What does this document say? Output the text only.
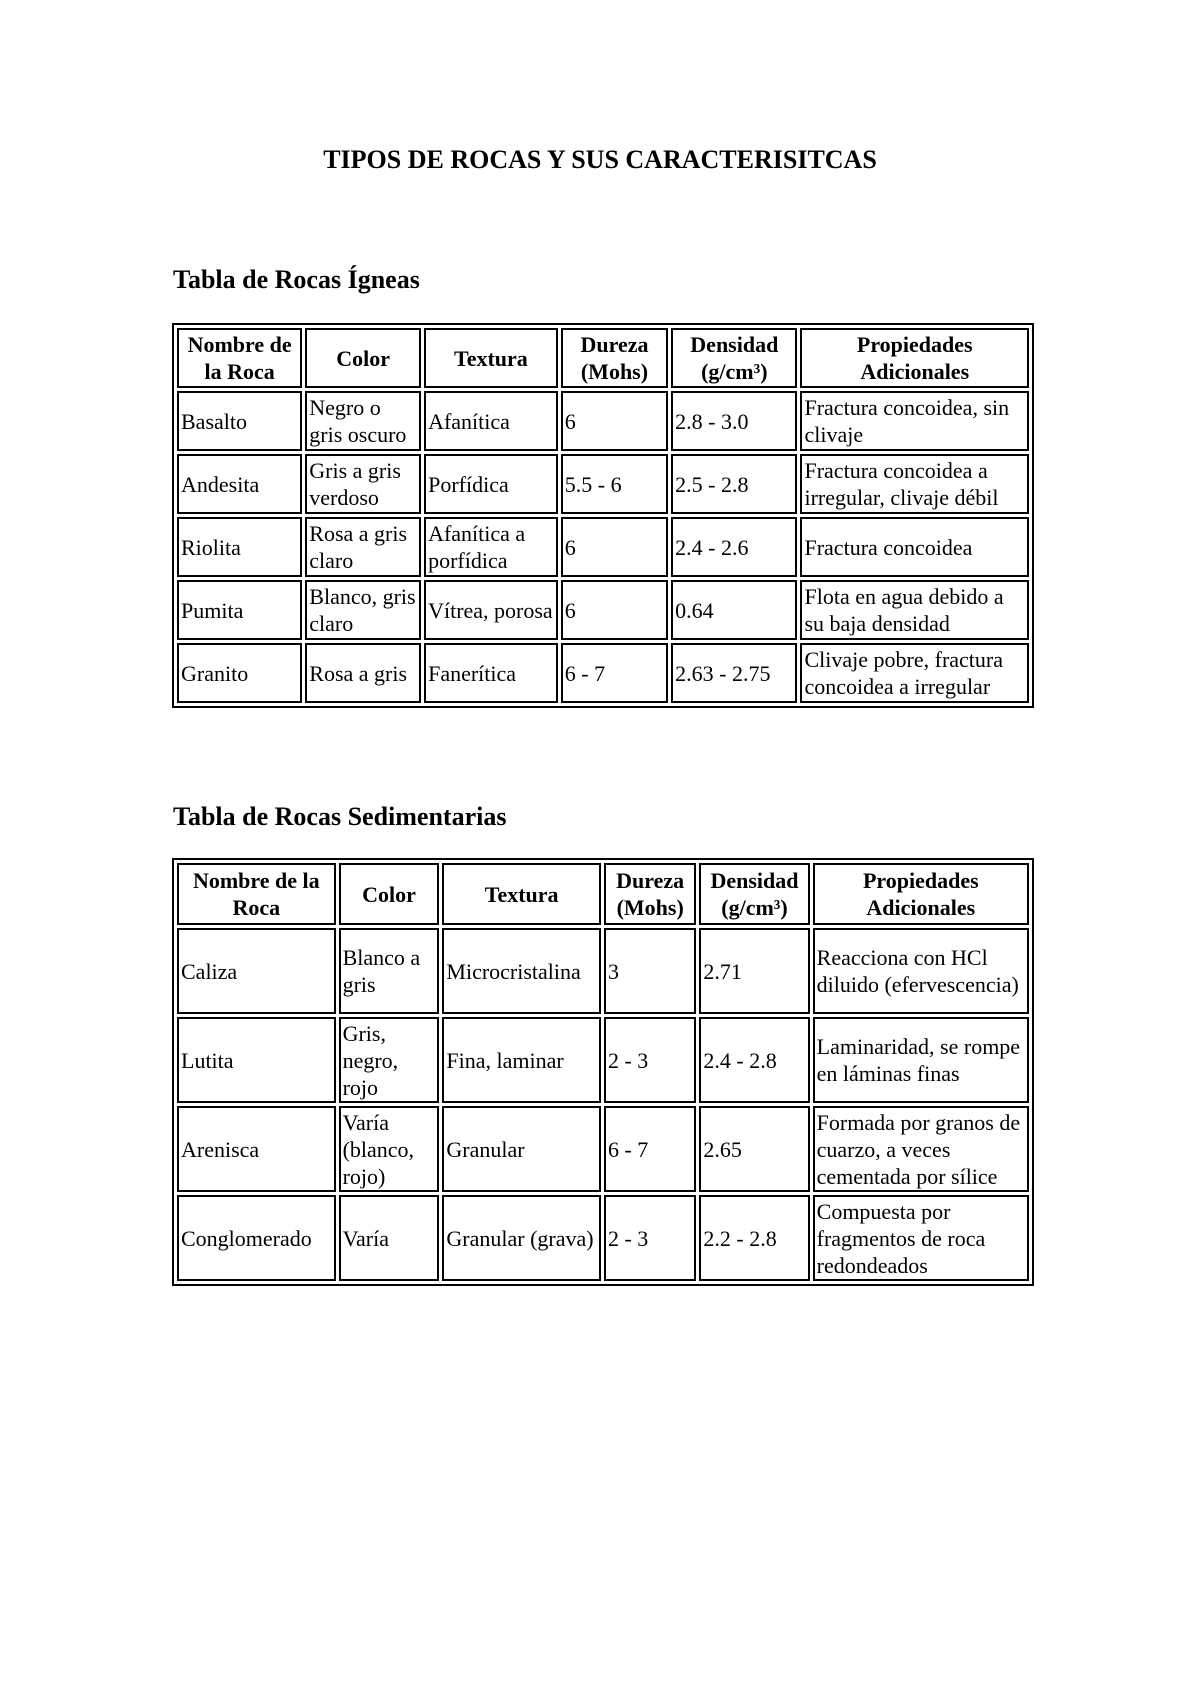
TIPOS DE ROCAS Y SUS CARACTERISITCAS
Tabla de Rocas Ígneas
Nombre de la Roca	Color	Textura	Dureza (Mohs)	Densidad (g/cm³)	Propiedades Adicionales
Basalto	Negro o gris oscuro	Afanítica	6	2.8 - 3.0	Fractura concoidea, sin clivaje
Andesita	Gris a gris verdoso	Porfídica	5.5 - 6	2.5 - 2.8	Fractura concoidea a irregular, clivaje débil
Riolita	Rosa a gris claro	Afanítica a porfídica	6	2.4 - 2.6	Fractura concoidea
Pumita	Blanco, gris claro	Vítrea, porosa	6	0.64	Flota en agua debido a su baja densidad
Granito	Rosa a gris	Fanerítica	6 - 7	2.63 - 2.75	Clivaje pobre, fractura concoidea a irregular
Tabla de Rocas Sedimentarias
Nombre de la Roca	Color	Textura	Dureza (Mohs)	Densidad (g/cm³)	Propiedades Adicionales
Caliza	Blanco a gris	Microcristalina	3	2.71	Reacciona con HCl diluido (efervescencia)
Lutita	Gris, negro, rojo	Fina, laminar	2 - 3	2.4 - 2.8	Laminaridad, se rompe en láminas finas
Arenisca	Varía (blanco, rojo)	Granular	6 - 7	2.65	Formada por granos de cuarzo, a veces cementada por sílice
Conglomerado	Varía	Granular (grava)	2 - 3	2.2 - 2.8	Compuesta por fragmentos de roca redondeados
